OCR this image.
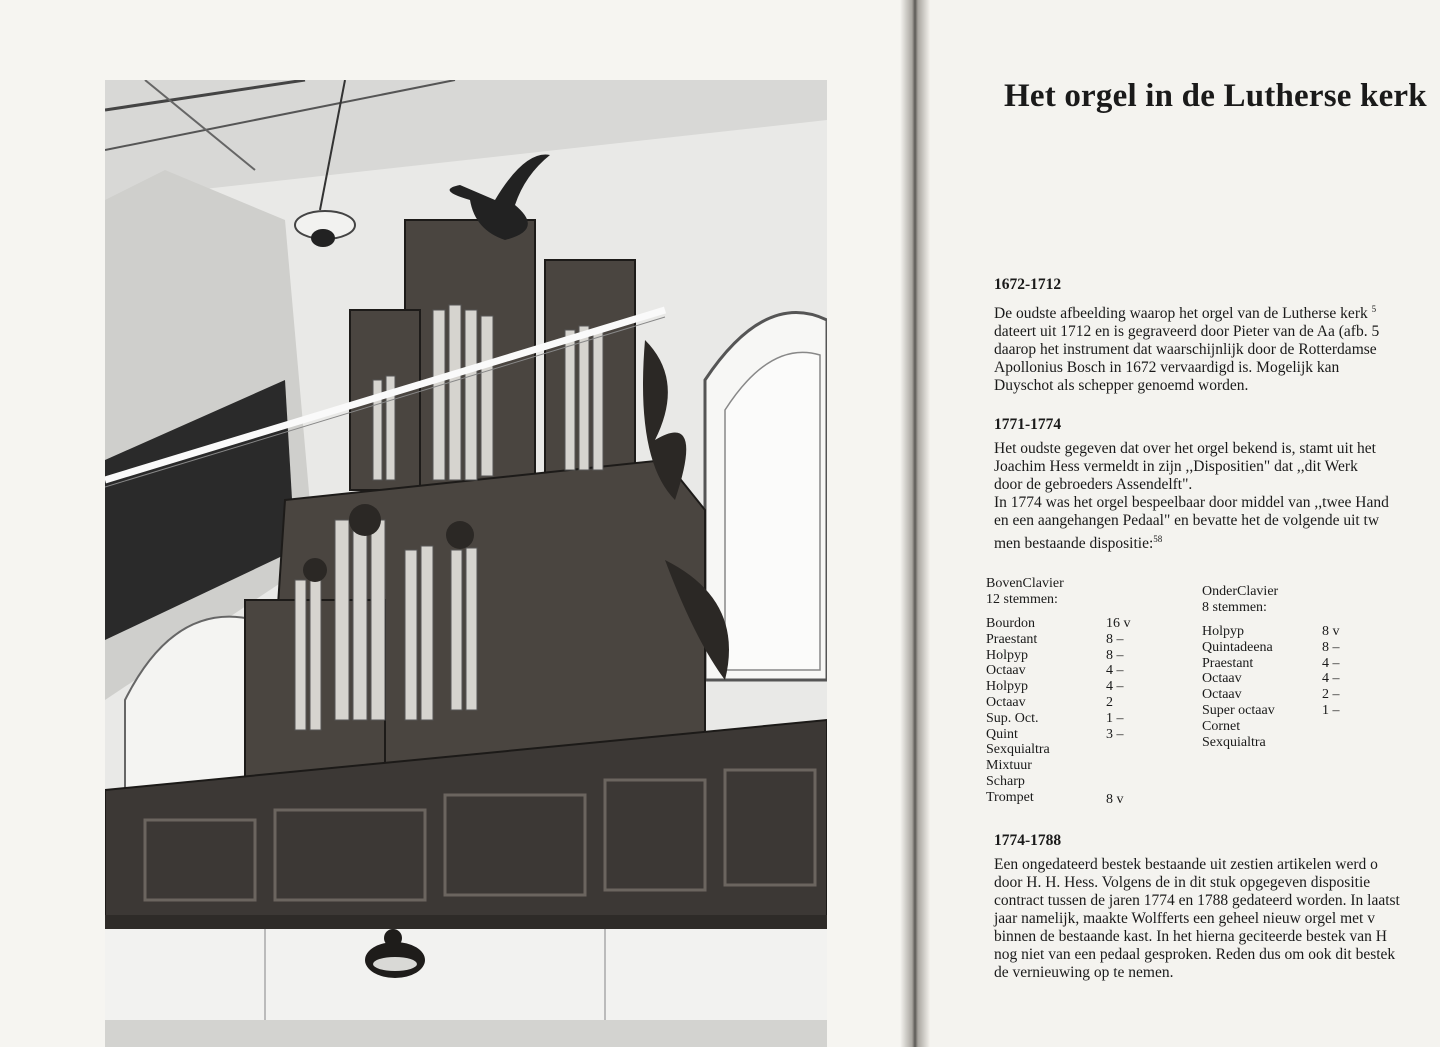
Het orgel in de Lutherse kerk

1672-1712

De oudste afbeelding waarop het orgel van de Lutherse kerk $^5$

dateert uit 1712 en is gegraveerd door Pieter van de Aa (afb. 5

daarop het instrument dat waarschijnlijk door de Rotterdamse

Apollonius Bosch in 1672 vervaardigd is. Mogelijk kan

Duyschot als schepper genoemd worden.

1771-1774

Het oudste gegeven dat over het orgel bekend is, stamt uit het

Joachim Hess vermeldt in zijn ,,Dispositien" dat ,,dit Werk

door de gebroeders Assendelft".

In 1774 was het orgel bespeelbaar door middel van ,,twee Hand

en een aangehangen Pedaal" en bevatte het de volgende uit tw

men bestaande dispositie:$^{58}$

BovenClavier

12 stemmen:

Bourdon	16 v
Praestant	8 –
Holpyp	8 –
Octaav	4 –
Holpyp	4 –
Octaav	2
Sup. Oct.	1 –
Quint	3 –
Sexquialtra	
Mixtuur	
Scharp	
Trompet	8 v

OnderClavier

8 stemmen:

Holpyp	8 v
Quintadeena	8 –
Praestant	4 –
Octaav	4 –
Octaav	2 –
Super octaav	1 –
Cornet	
Sexquialtra	

1774-1788

Een ongedateerd bestek bestaande uit zestien artikelen werd o

door H. H. Hess. Volgens de in dit stuk opgegeven dispositie

contract tussen de jaren 1774 en 1788 gedateerd worden. In laatst

jaar namelijk, maakte Wolfferts een geheel nieuw orgel met v

binnen de bestaande kast. In het hierna geciteerde bestek van H

nog niet van een pedaal gesproken. Reden dus om ook dit bestek

de vernieuwing op te nemen.
